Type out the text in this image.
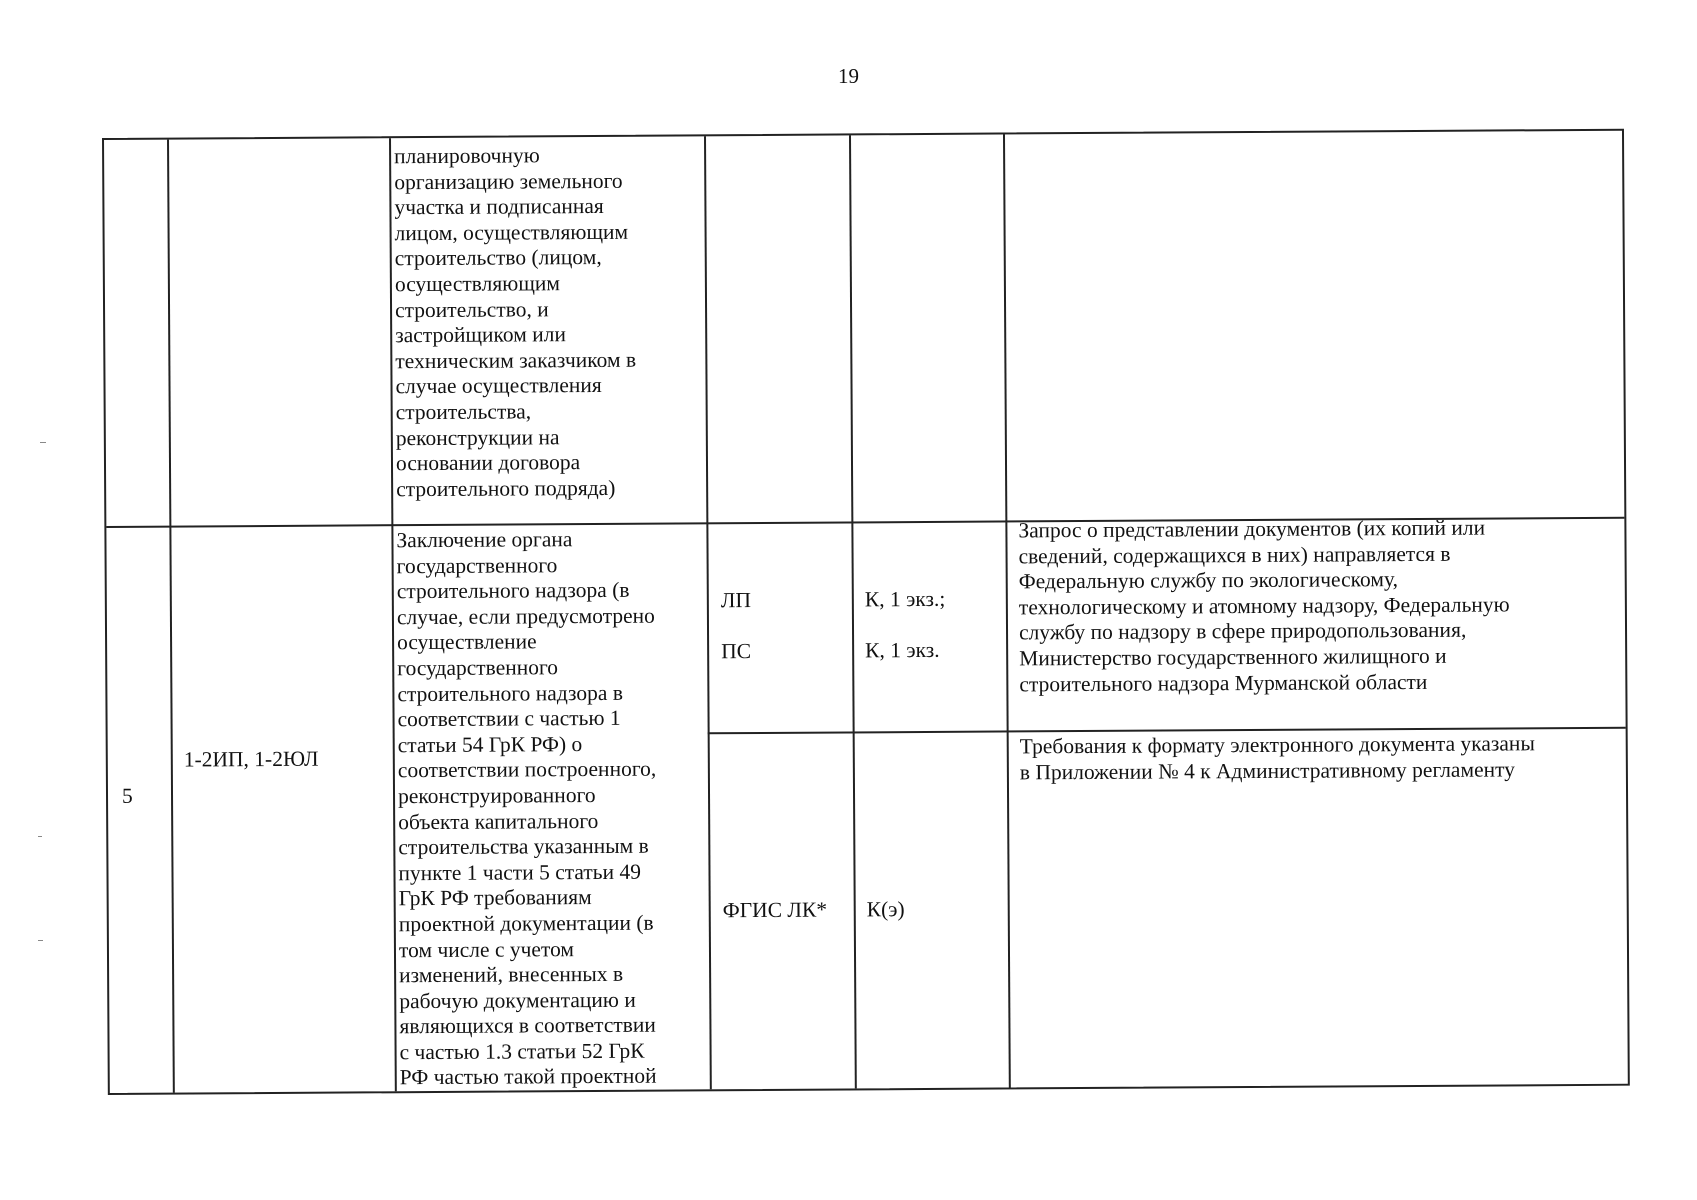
19
планировочную
организацию земельного
участка и подписанная
лицом, осуществляющим
строительство (лицом,
осуществляющим
строительство, и
застройщиком или
техническим заказчиком в
случае осуществления
строительства,
реконструкции на
основании договора
строительного подряда)
5
1-2ИП, 1-2ЮЛ
Заключение органа
государственного
строительного надзора (в
случае, если предусмотрено
осуществление
государственного
строительного надзора в
соответствии с частью 1
статьи 54 ГрК РФ) о
соответствии построенного,
реконструированного
объекта капитального
строительства указанным в
пункте 1 части 5 статьи 49
ГрК РФ требованиям
проектной документации (в
том числе с учетом
изменений, внесенных в
рабочую документацию и
являющихся в соответствии
с частью 1.3 статьи 52 ГрК
РФ частью такой проектной
ЛП
ПС
ФГИС ЛК*
К, 1 экз.;
К, 1 экз.
К(э)
Запрос о представлении документов (их копий или
сведений, содержащихся в них) направляется в
Федеральную службу по экологическому,
технологическому и атомному надзору, Федеральную
службу по надзору в сфере природопользования,
Министерство государственного жилищного и
строительного надзора Мурманской области
Требования к формату электронного документа указаны
в Приложении № 4 к Административному регламенту
